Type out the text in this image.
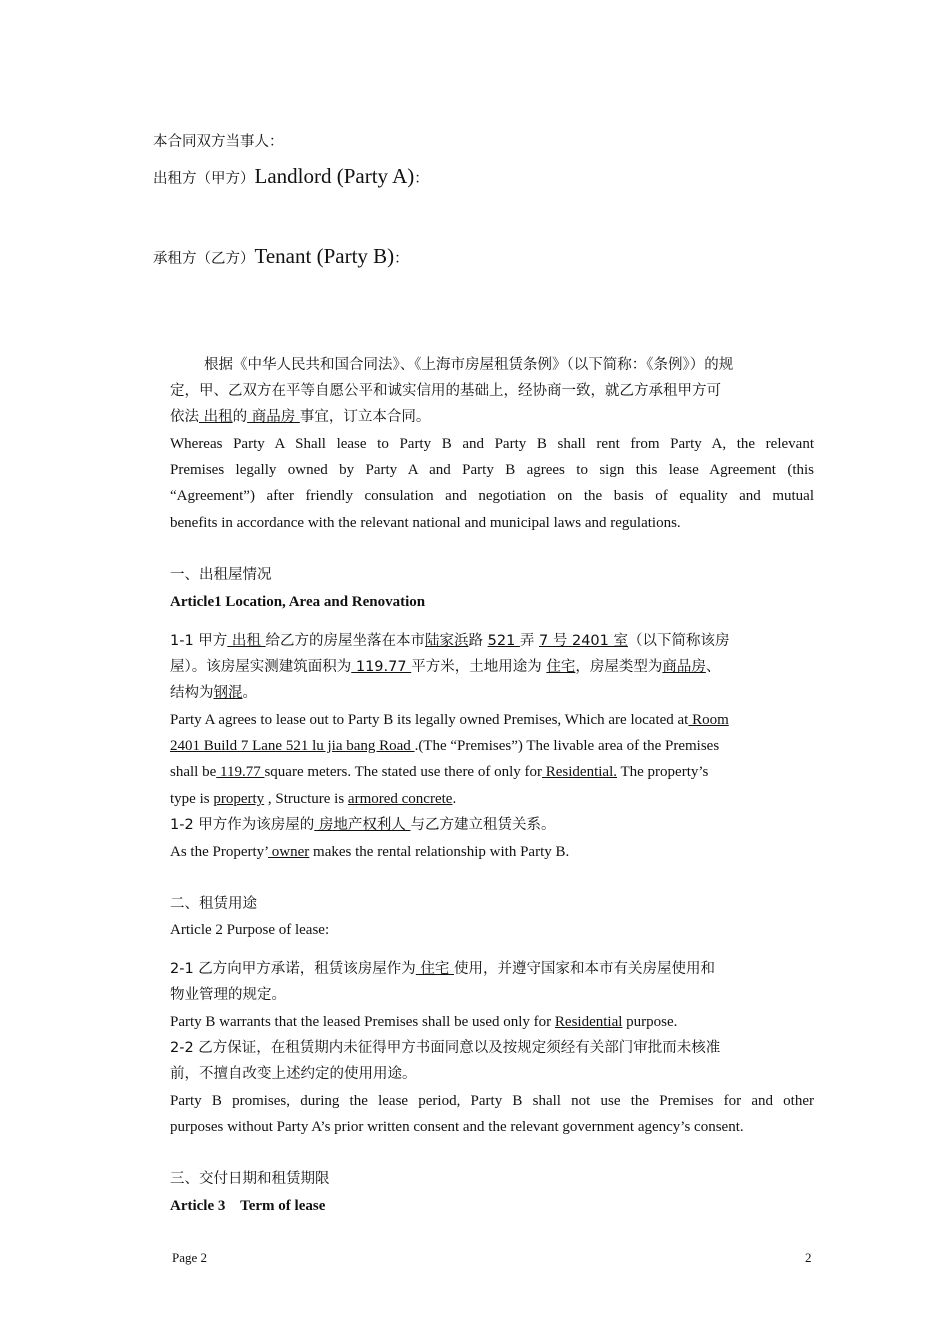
本合同双方当事人：
出租方（甲方）Landlord (Party A)：
承租方（乙方）Tenant (Party B)：
根据《中华人民共和国合同法》、《上海市房屋租赁条例》（以下简称：《条例》）的规
定，甲、乙双方在平等自愿公平和诚实信用的基础上，经协商一致，就乙方承租甲方可
依法 出租的 商品房 事宜，订立本合同。
Whereas Party A Shall lease to Party B and Party B shall rent from Party A, the relevant
Premises legally owned by Party A and Party B agrees to sign this lease Agreement (this
“Agreement”) after friendly consulation and negotiation on the basis of equality and mutual
benefits in accordance with the relevant national and municipal laws and regulations.
一、出租屋情况
Article1 Location, Area and Renovation
1-1 甲方 出租 给乙方的房屋坐落在本市陆家浜路 521 弄 7 号 2401 室（以下简称该房
屋）。该房屋实测建筑面积为 119.77 平方米，土地用途为 住宅，房屋类型为商品房、
结构为钢混。
Party A agrees to lease out to Party B its legally owned Premises, Which are located at Room
2401 Build 7 Lane 521 lu jia bang Road .(The “Premises”) The livable area of the Premises
shall be 119.77 square meters. The stated use there of only for Residential. The property’s
type is property , Structure is armored concrete.
1-2 甲方作为该房屋的 房地产权利人 与乙方建立租赁关系。
As the Property’ owner makes the rental relationship with Party B.
二、租赁用途
Article 2 Purpose of lease:
2-1 乙方向甲方承诺，租赁该房屋作为 住宅 使用，并遵守国家和本市有关房屋使用和
物业管理的规定。
Party B warrants that the leased Premises shall be used only for Residential purpose.
2-2 乙方保证，在租赁期内未征得甲方书面同意以及按规定须经有关部门审批而未核准
前，不擅自改变上述约定的使用用途。
Party B promises, during the lease period, Party B shall not use the Premises for and other
purposes without Party A’s prior written consent and the relevant government agency’s consent.
三、交付日期和租赁期限
Article 3    Term of lease
Page 2	2
